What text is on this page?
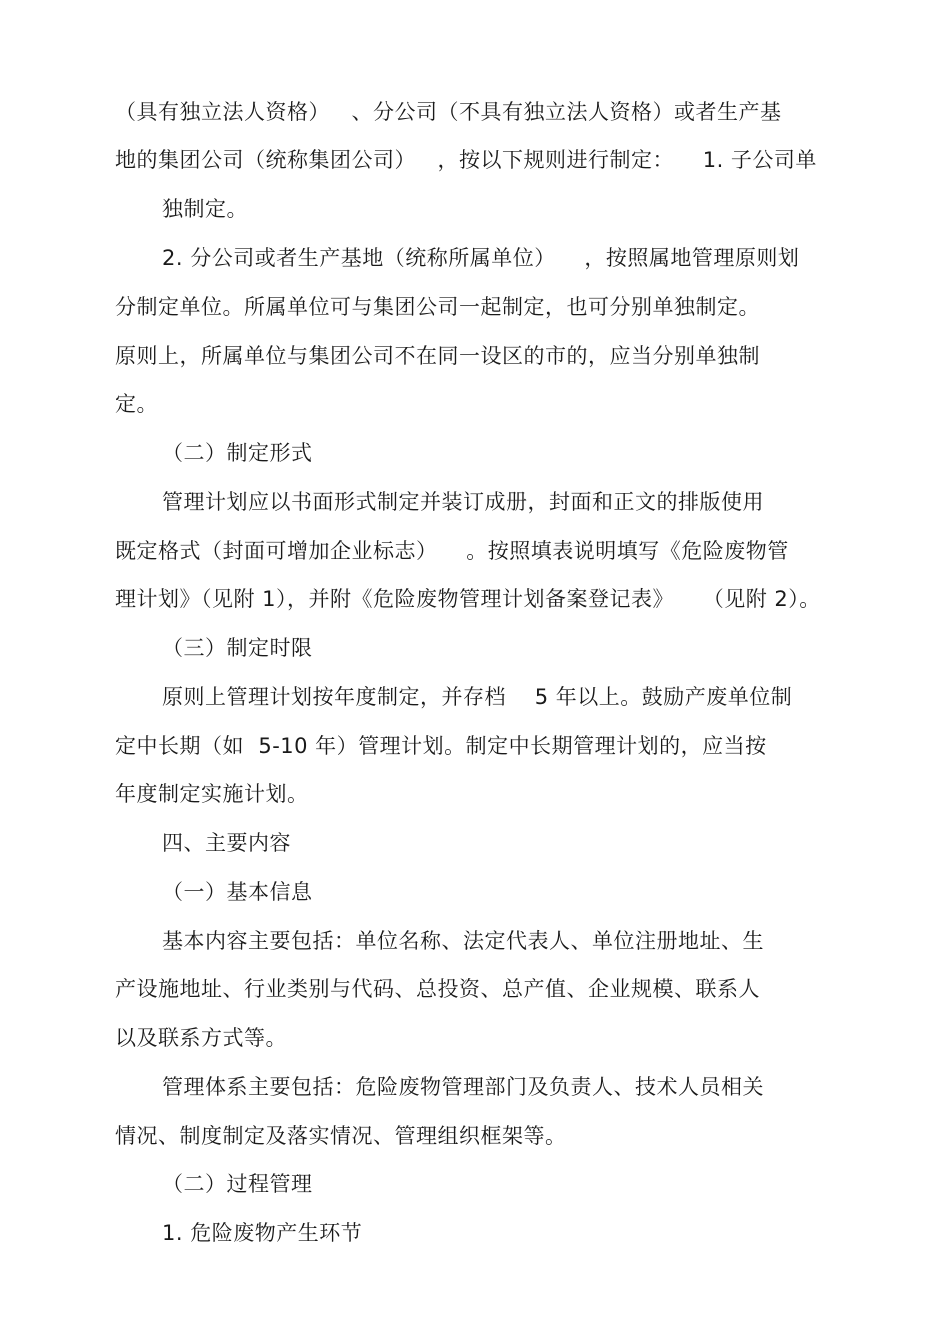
（具有独立法人资格）   、分公司（不具有独立法人资格）或者生产基
地的集团公司（统称集团公司）   ，按以下规则进行制定：    1. 子公司单
独制定。
2. 分公司或者生产基地（统称所属单位）    ，按照属地管理原则划
分制定单位。所属单位可与集团公司一起制定，也可分别单独制定。
原则上，所属单位与集团公司不在同一设区的市的，应当分别单独制
定。
（二）制定形式
管理计划应以书面形式制定并装订成册，封面和正文的排版使用
既定格式（封面可增加企业标志）    。按照填表说明填写《危险废物管
理计划》（见附 1），并附《危险废物管理计划备案登记表》    （见附 2）。
（三）制定时限
原则上管理计划按年度制定，并存档    5 年以上。鼓励产废单位制
定中长期（如  5-10 年）管理计划。制定中长期管理计划的，应当按
年度制定实施计划。
四、主要内容
（一）基本信息
基本内容主要包括：单位名称、法定代表人、单位注册地址、生
产设施地址、行业类别与代码、总投资、总产值、企业规模、联系人
以及联系方式等。
管理体系主要包括：危险废物管理部门及负责人、技术人员相关
情况、制度制定及落实情况、管理组织框架等。
（二）过程管理
1. 危险废物产生环节
